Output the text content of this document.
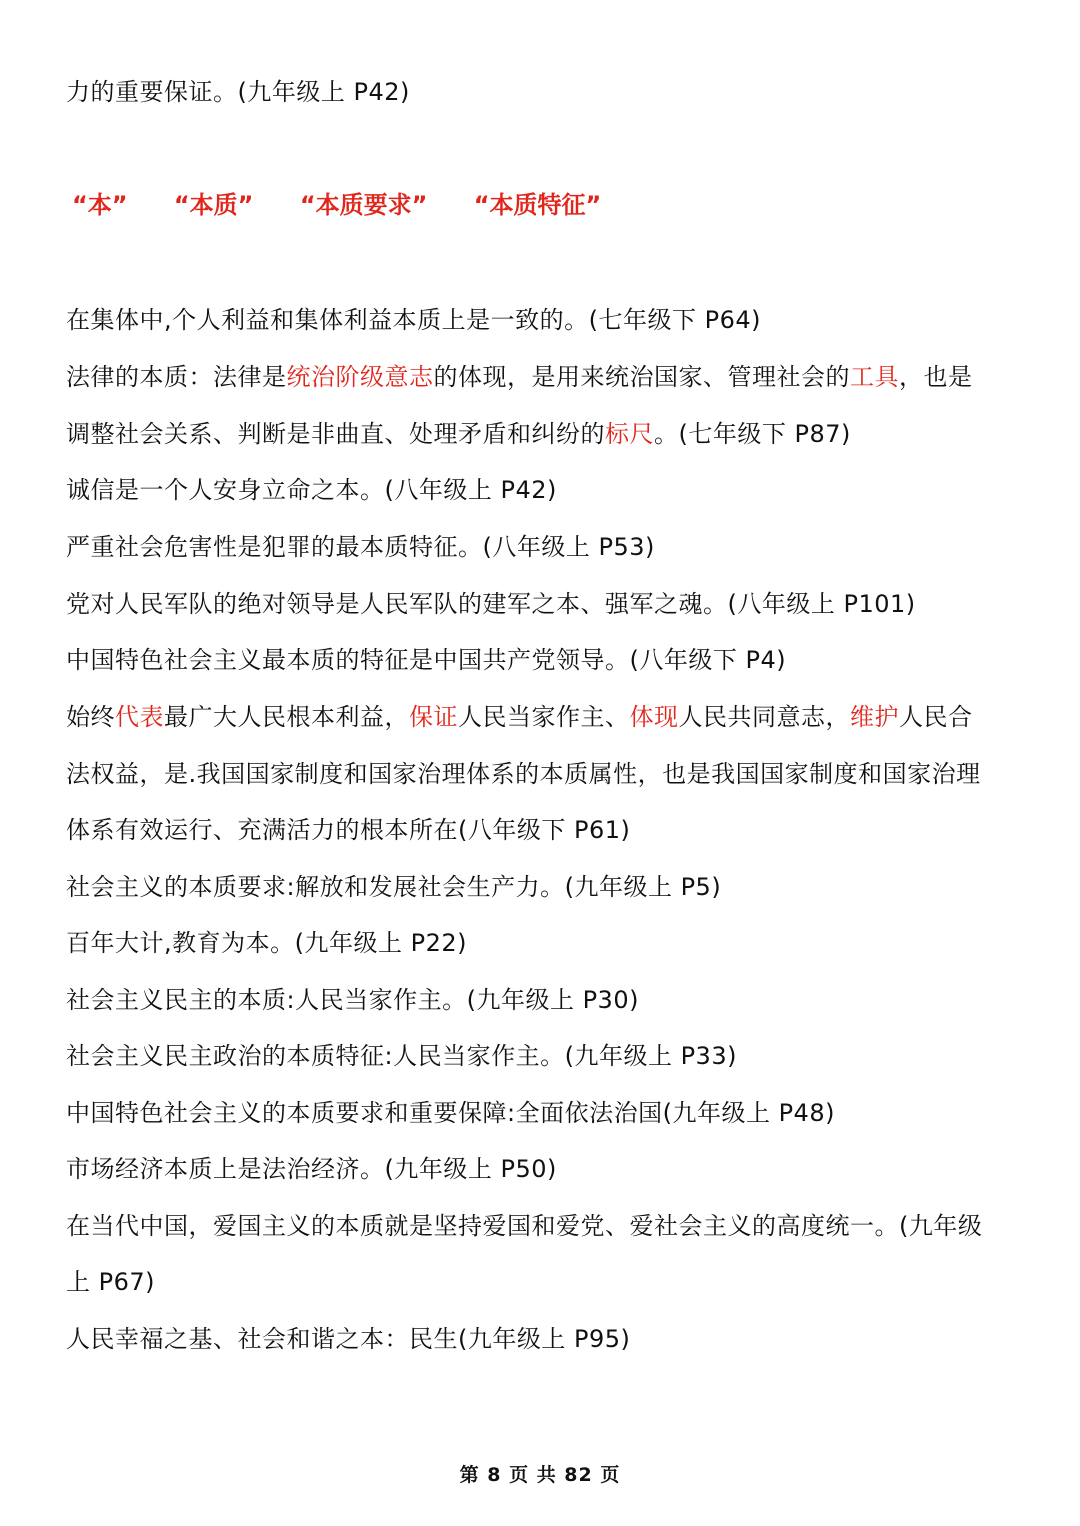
力的重要保证。(九年级上 P42)
“本” “本质” “本质要求” “本质特征”
在集体中,个人利益和集体利益本质上是一致的。(七年级下 P64)
法律的本质：法律是统治阶级意志的体现，是用来统治国家、管理社会的工具，也是
调整社会关系、判断是非曲直、处理矛盾和纠纷的标尺。(七年级下 P87)
诚信是一个人安身立命之本。(八年级上 P42)
严重社会危害性是犯罪的最本质特征。(八年级上 P53)
党对人民军队的绝对领导是人民军队的建军之本、强军之魂。(八年级上 P101)
中国特色社会主义最本质的特征是中国共产党领导。(八年级下 P4)
始终代表最广大人民根本利益，保证人民当家作主、体现人民共同意志，维护人民合
法权益，是.我国国家制度和国家治理体系的本质属性，也是我国国家制度和国家治理
体系有效运行、充满活力的根本所在(八年级下 P61)
社会主义的本质要求:解放和发展社会生产力。(九年级上 P5)
百年大计,教育为本。(九年级上 P22)
社会主义民主的本质:人民当家作主。(九年级上 P30)
社会主义民主政治的本质特征:人民当家作主。(九年级上 P33)
中国特色社会主义的本质要求和重要保障:全面依法治国(九年级上 P48)
市场经济本质上是法治经济。(九年级上 P50)
在当代中国，爱国主义的本质就是坚持爱国和爱党、爱社会主义的高度统一。(九年级
上 P67)
人民幸福之基、社会和谐之本：民生(九年级上 P95)
第 8 页 共 82 页
